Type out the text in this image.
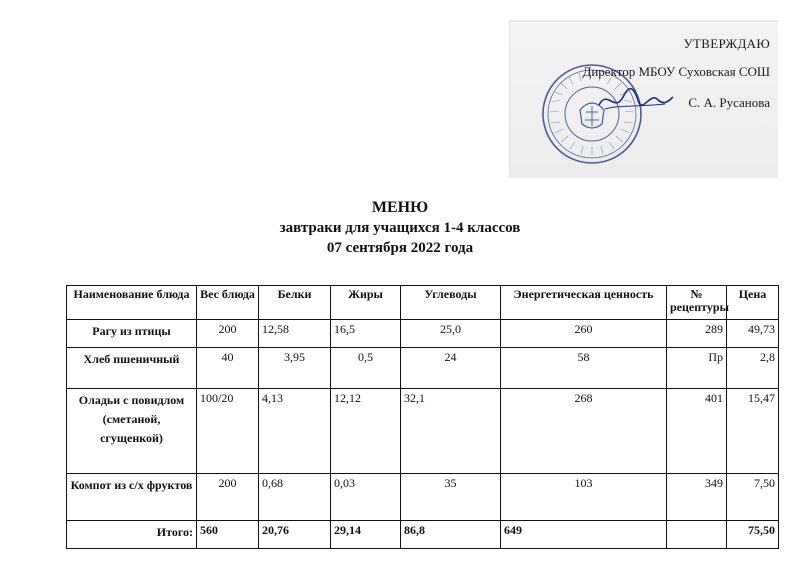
УТВЕРЖДАЮ
Директор МБОУ Суховская СОШ
С. А. Русанова
МЕНЮ
завтраки для учащихся 1-4 классов
07 сентября 2022 года
Наименование блюда	Вес блюда	Белки	Жиры	Углеводы	Энергетическая ценность	№ рецептуры	Цена
Рагу из птицы	200	12,58	16,5	25,0	260	289	49,73
Хлеб пшеничный	40	3,95	0,5	24	58	Пр	2,8
Оладьи с повидлом (сметаной, сгущенкой)	100/20	4,13	12,12	32,1	268	401	15,47
Компот из с/х фруктов	200	0,68	0,03	35	103	349	7,50
Итого:	560	20,76	29,14	86,8	649		75,50
